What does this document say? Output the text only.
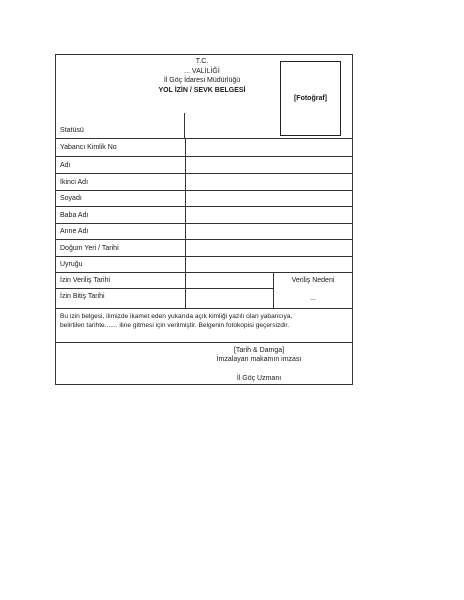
T.C.
... VALİLİĞİ
İl Göç İdaresi Müdürlüğü
YOL İZİN / SEVK BELGESİ
[Fotoğraf]
Statüsü
Yabancı Kimlik No
Adı
İkinci Adı
Soyadı
Baba Adı
Anne Adı
Doğum Yeri / Tarihi
Uyruğu
İzin Veriliş Tarihi
İzin Bitiş Tarihi
Veriliş Nedeni
...
Bu izin belgesi, ilimizde ikamet eden yukarıda açık kimliği yazılı olan yabancıya,
belirtilen tarihte....... iline gitmesi için verilmiştir. Belgenin fotokopisi geçersizdir.
[Tarih & Damga]
İmzalayan makamın imzası
İl Göç Uzmanı
